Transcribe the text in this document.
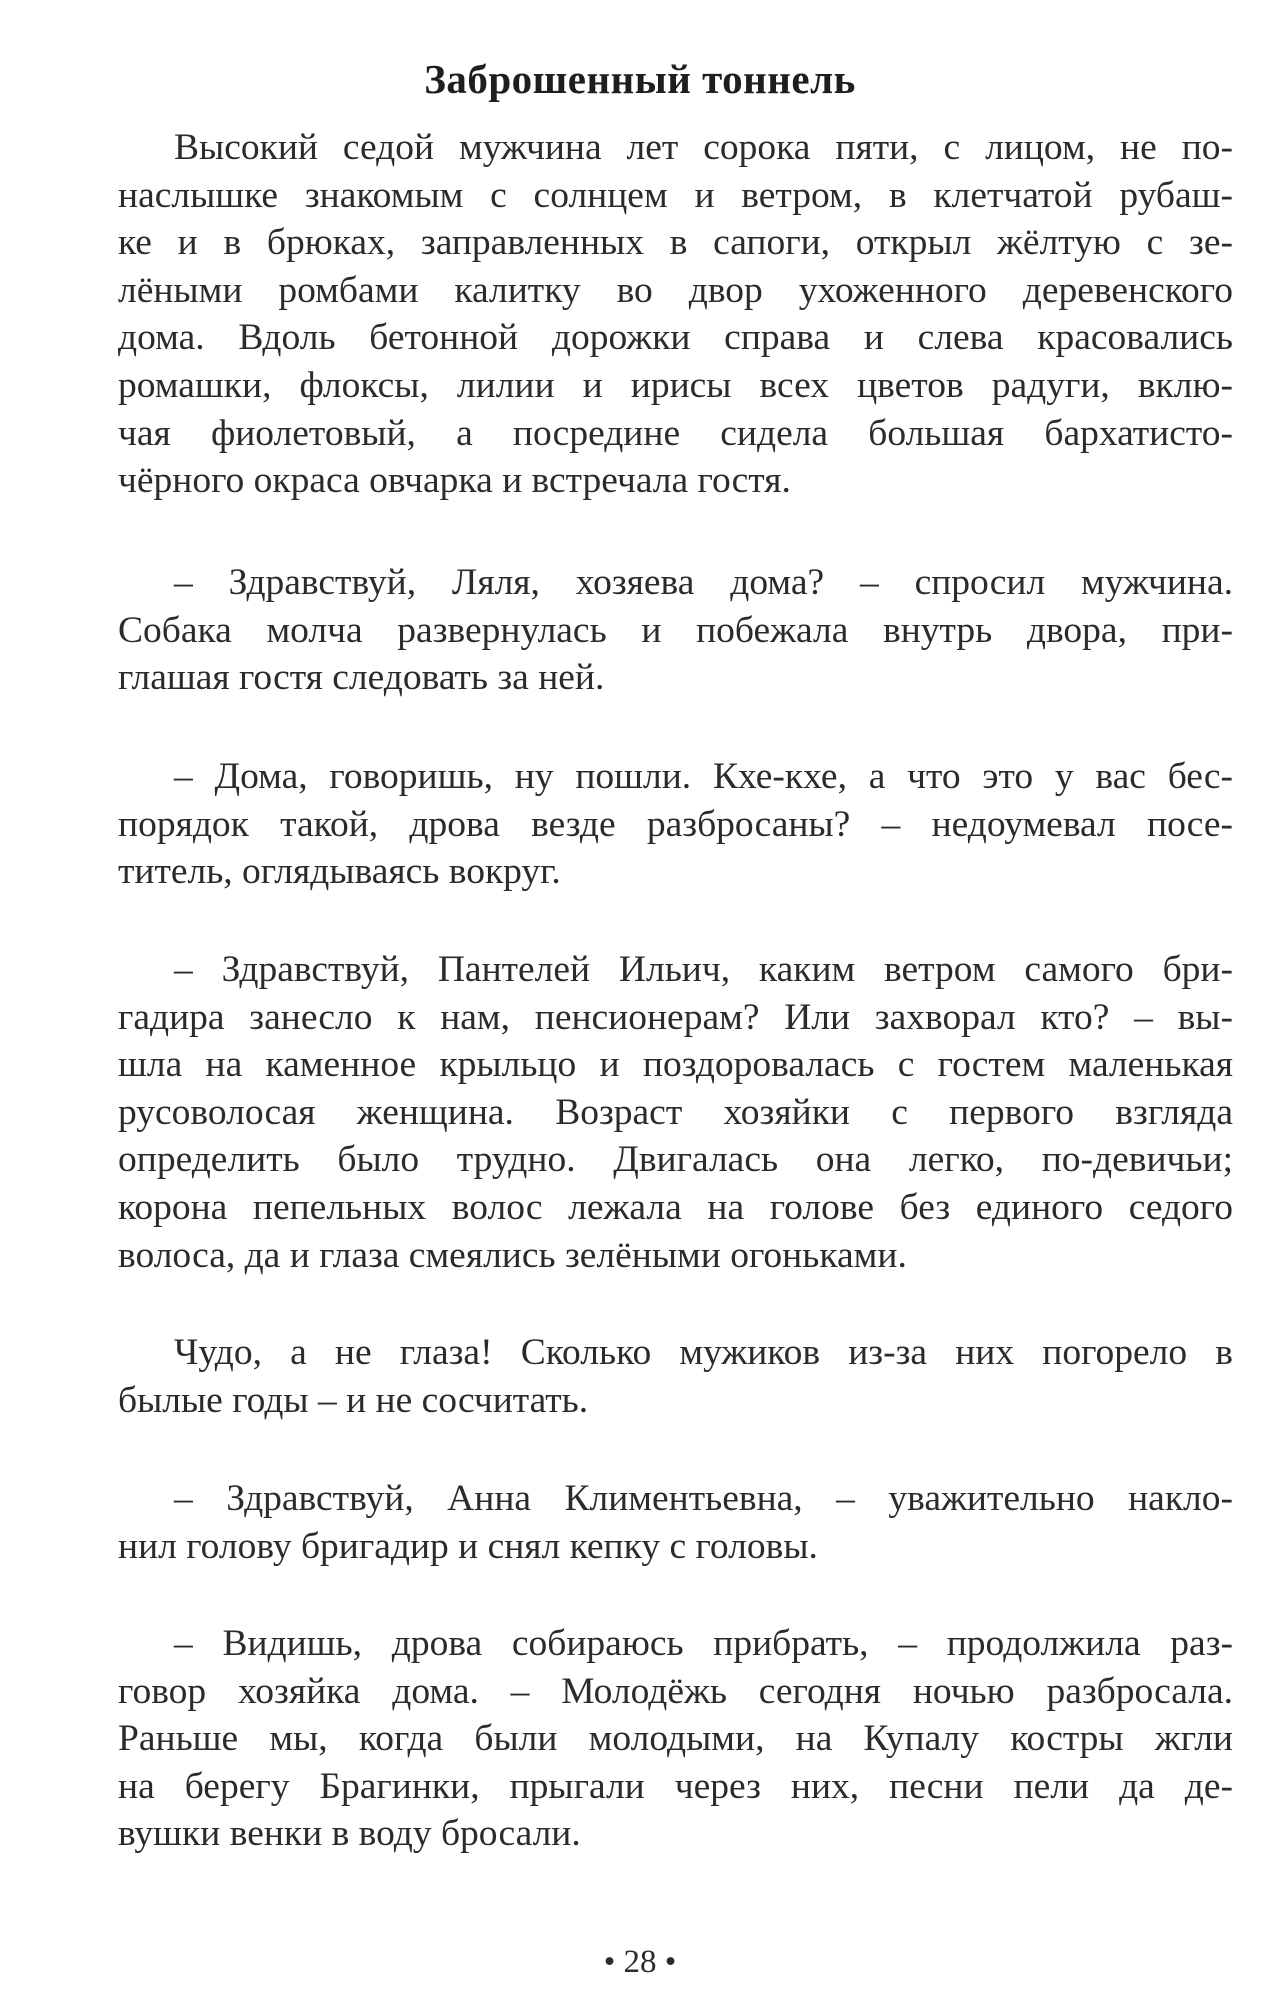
Заброшенный тоннель
Высокий седой мужчина лет сорока пяти, с лицом, не по-
наслышке знакомым с солнцем и ветром, в клетчатой рубаш-
ке и в брюках, заправленных в сапоги, открыл жёлтую с зе-
лёными ромбами калитку во двор ухоженного деревенского
дома. Вдоль бетонной дорожки справа и слева красовались
ромашки, флоксы, лилии и ирисы всех цветов радуги, вклю-
чая фиолетовый, а посредине сидела большая бархатисто-
чёрного окраса овчарка и встречала гостя.
– Здравствуй, Ляля, хозяева дома? – спросил мужчина.
Собака молча развернулась и побежала внутрь двора, при-
глашая гостя следовать за ней.
– Дома, говоришь, ну пошли. Кхе-кхе, а что это у вас бес-
порядок такой, дрова везде разбросаны? – недоумевал посе-
титель, оглядываясь вокруг.
– Здравствуй, Пантелей Ильич, каким ветром самого бри-
гадира занесло к нам, пенсионерам? Или захворал кто? – вы-
шла на каменное крыльцо и поздоровалась с гостем маленькая
русоволосая женщина. Возраст хозяйки с первого взгляда
определить было трудно. Двигалась она легко, по-девичьи;
корона пепельных волос лежала на голове без единого седого
волоса, да и глаза смеялись зелёными огоньками.
Чудо, а не глаза! Сколько мужиков из-за них погорело в
былые годы – и не сосчитать.
– Здравствуй, Анна Климентьевна, – уважительно накло-
нил голову бригадир и снял кепку с головы.
– Видишь, дрова собираюсь прибрать, – продолжила раз-
говор хозяйка дома. – Молодёжь сегодня ночью разбросала.
Раньше мы, когда были молодыми, на Купалу костры жгли
на берегу Брагинки, прыгали через них, песни пели да де-
вушки венки в воду бросали.
• 28 •
